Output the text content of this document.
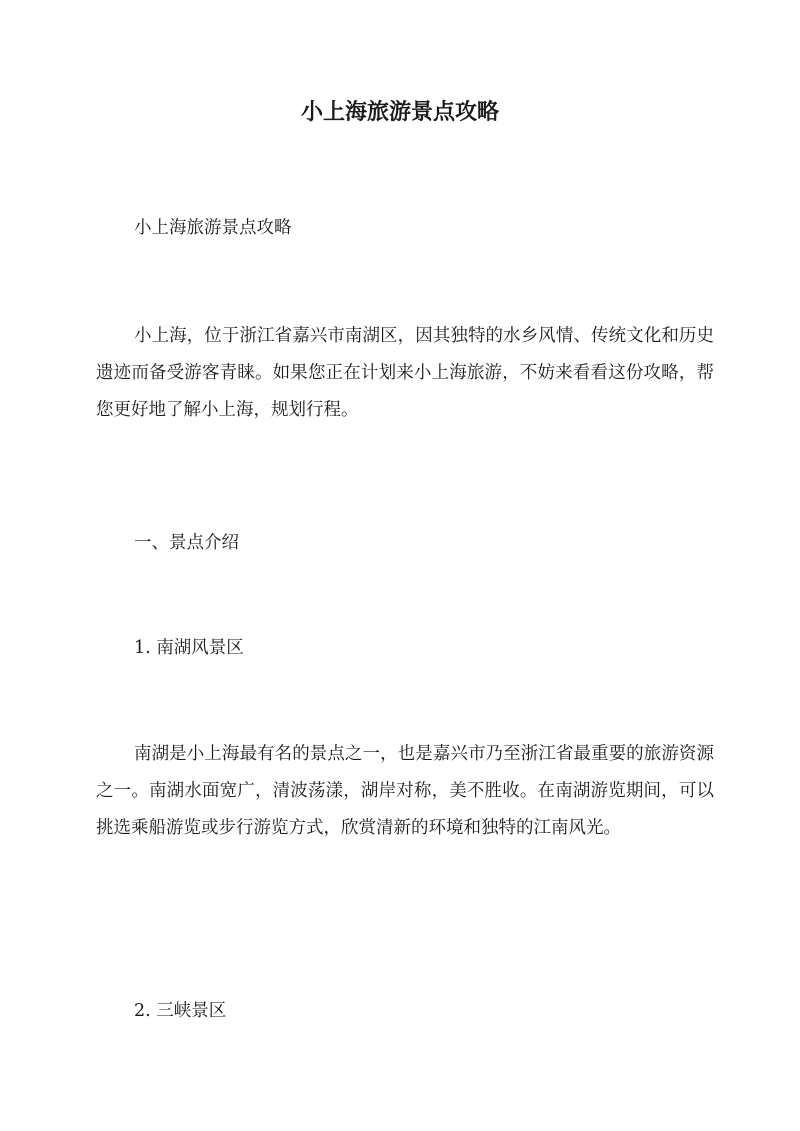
小上海旅游景点攻略

小上海旅游景点攻略

小上海，位于浙江省嘉兴市南湖区，因其独特的水乡风情、传统文化和历史遗迹而备受游客青睐。如果您正在计划来小上海旅游，不妨来看看这份攻略，帮您更好地了解小上海，规划行程。

一、景点介绍

1. 南湖风景区

南湖是小上海最有名的景点之一，也是嘉兴市乃至浙江省最重要的旅游资源之一。南湖水面宽广，清波荡漾，湖岸对称，美不胜收。在南湖游览期间，可以挑选乘船游览或步行游览方式，欣赏清新的环境和独特的江南风光。

2. 三峡景区
